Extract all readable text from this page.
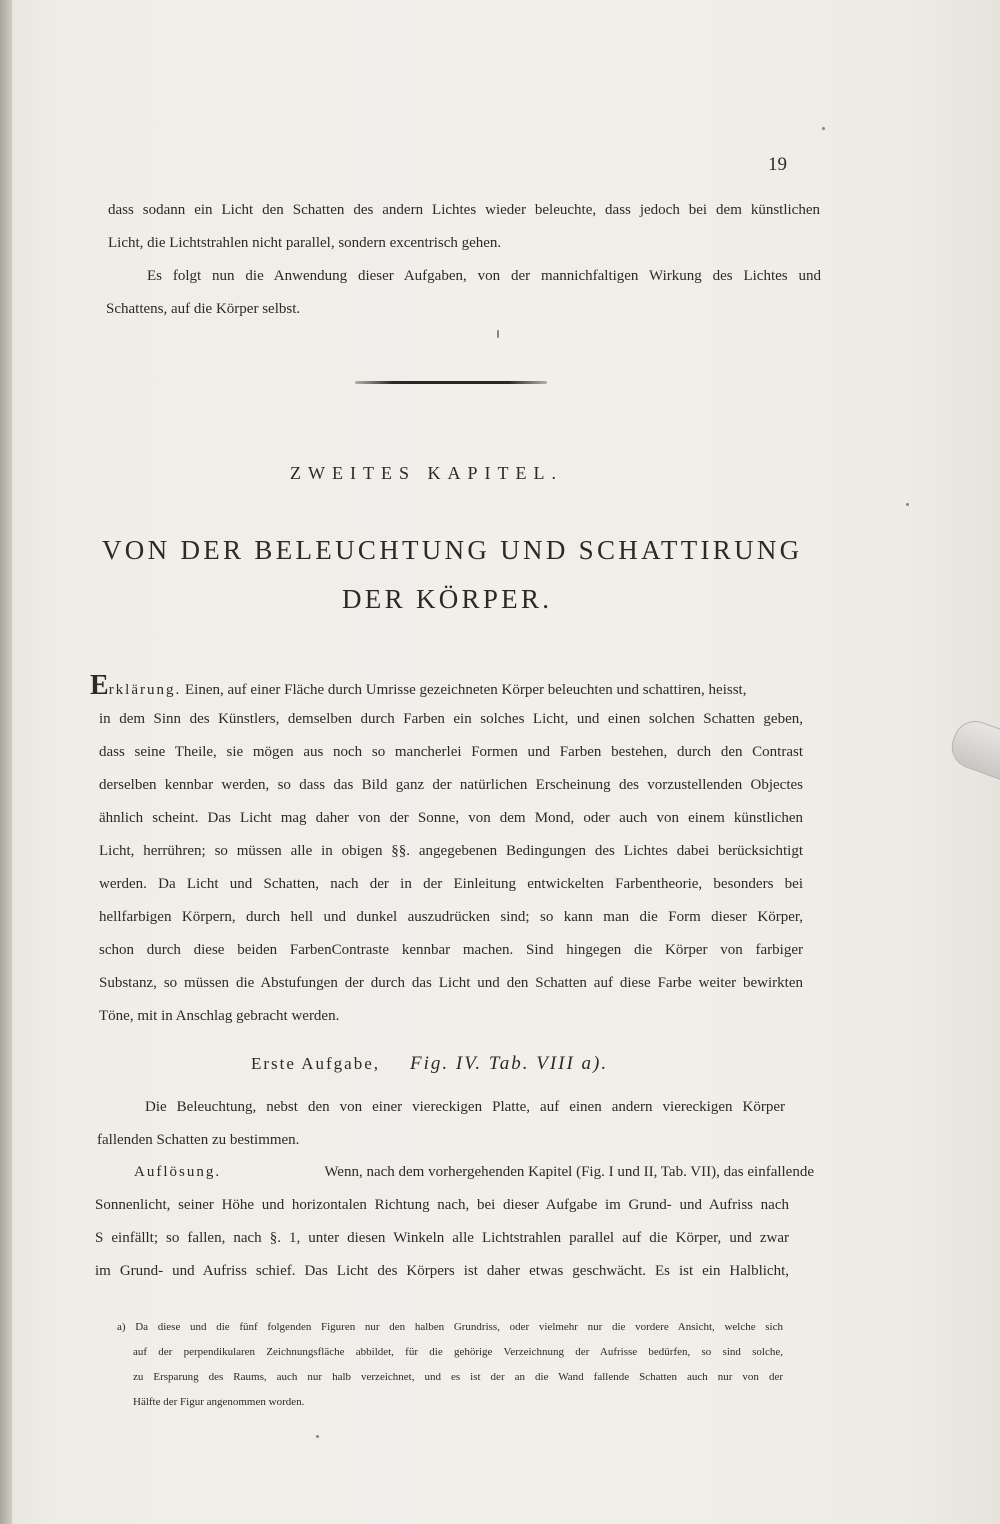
19
dass sodann ein Licht den Schatten des andern Lichtes wieder beleuchte, dass jedoch bei dem künstlichen
Licht, die Lichtstrahlen nicht parallel, sondern excentrisch gehen.
Es folgt nun die Anwendung dieser Aufgaben, von der mannichfaltigen Wirkung des Lichtes und
Schattens, auf die Körper selbst.
ZWEITES KAPITEL.
VON DER BELEUCHTUNG UND SCHATTIRUNG
DER KÖRPER.
Erklärung. Einen, auf einer Fläche durch Umrisse gezeichneten Körper beleuchten und schattiren, heisst,
in dem Sinn des Künstlers, demselben durch Farben ein solches Licht, und einen solchen Schatten geben,
dass seine Theile, sie mögen aus noch so mancherlei Formen und Farben bestehen, durch den Contrast
derselben kennbar werden, so dass das Bild ganz der natürlichen Erscheinung des vorzustellenden Objectes
ähnlich scheint. Das Licht mag daher von der Sonne, von dem Mond, oder auch von einem künstlichen
Licht, herrühren; so müssen alle in obigen §§. angegebenen Bedingungen des Lichtes dabei berücksichtigt
werden. Da Licht und Schatten, nach der in der Einleitung entwickelten Farbentheorie, besonders bei
hellfarbigen Körpern, durch hell und dunkel auszudrücken sind; so kann man die Form dieser Körper,
schon durch diese beiden FarbenContraste kennbar machen. Sind hingegen die Körper von farbiger
Substanz, so müssen die Abstufungen der durch das Licht und den Schatten auf diese Farbe weiter bewirkten
Töne, mit in Anschlag gebracht werden.
Erste Aufgabe, Fig. IV. Tab. VIII a).
Die Beleuchtung, nebst den von einer viereckigen Platte, auf einen andern viereckigen Körper
fallenden Schatten zu bestimmen.
Auflösung.	Wenn, nach dem vorhergehenden Kapitel (Fig. I und II, Tab. VII), das einfallende
Sonnenlicht, seiner Höhe und horizontalen Richtung nach, bei dieser Aufgabe im Grund- und Aufriss nach
S einfällt; so fallen, nach §. 1, unter diesen Winkeln alle Lichtstrahlen parallel auf die Körper, und zwar
im Grund- und Aufriss schief. Das Licht des Körpers ist daher etwas geschwächt. Es ist ein Halblicht,
a) Da diese und die fünf folgenden Figuren nur den halben Grundriss, oder vielmehr nur die vordere Ansicht, welche sich
auf der perpendikularen Zeichnungsfläche abbildet, für die gehörige Verzeichnung der Aufrisse bedürfen, so sind solche,
zu Ersparung des Raums, auch nur halb verzeichnet, und es ist der an die Wand fallende Schatten auch nur von der
Hälfte der Figur angenommen worden.
